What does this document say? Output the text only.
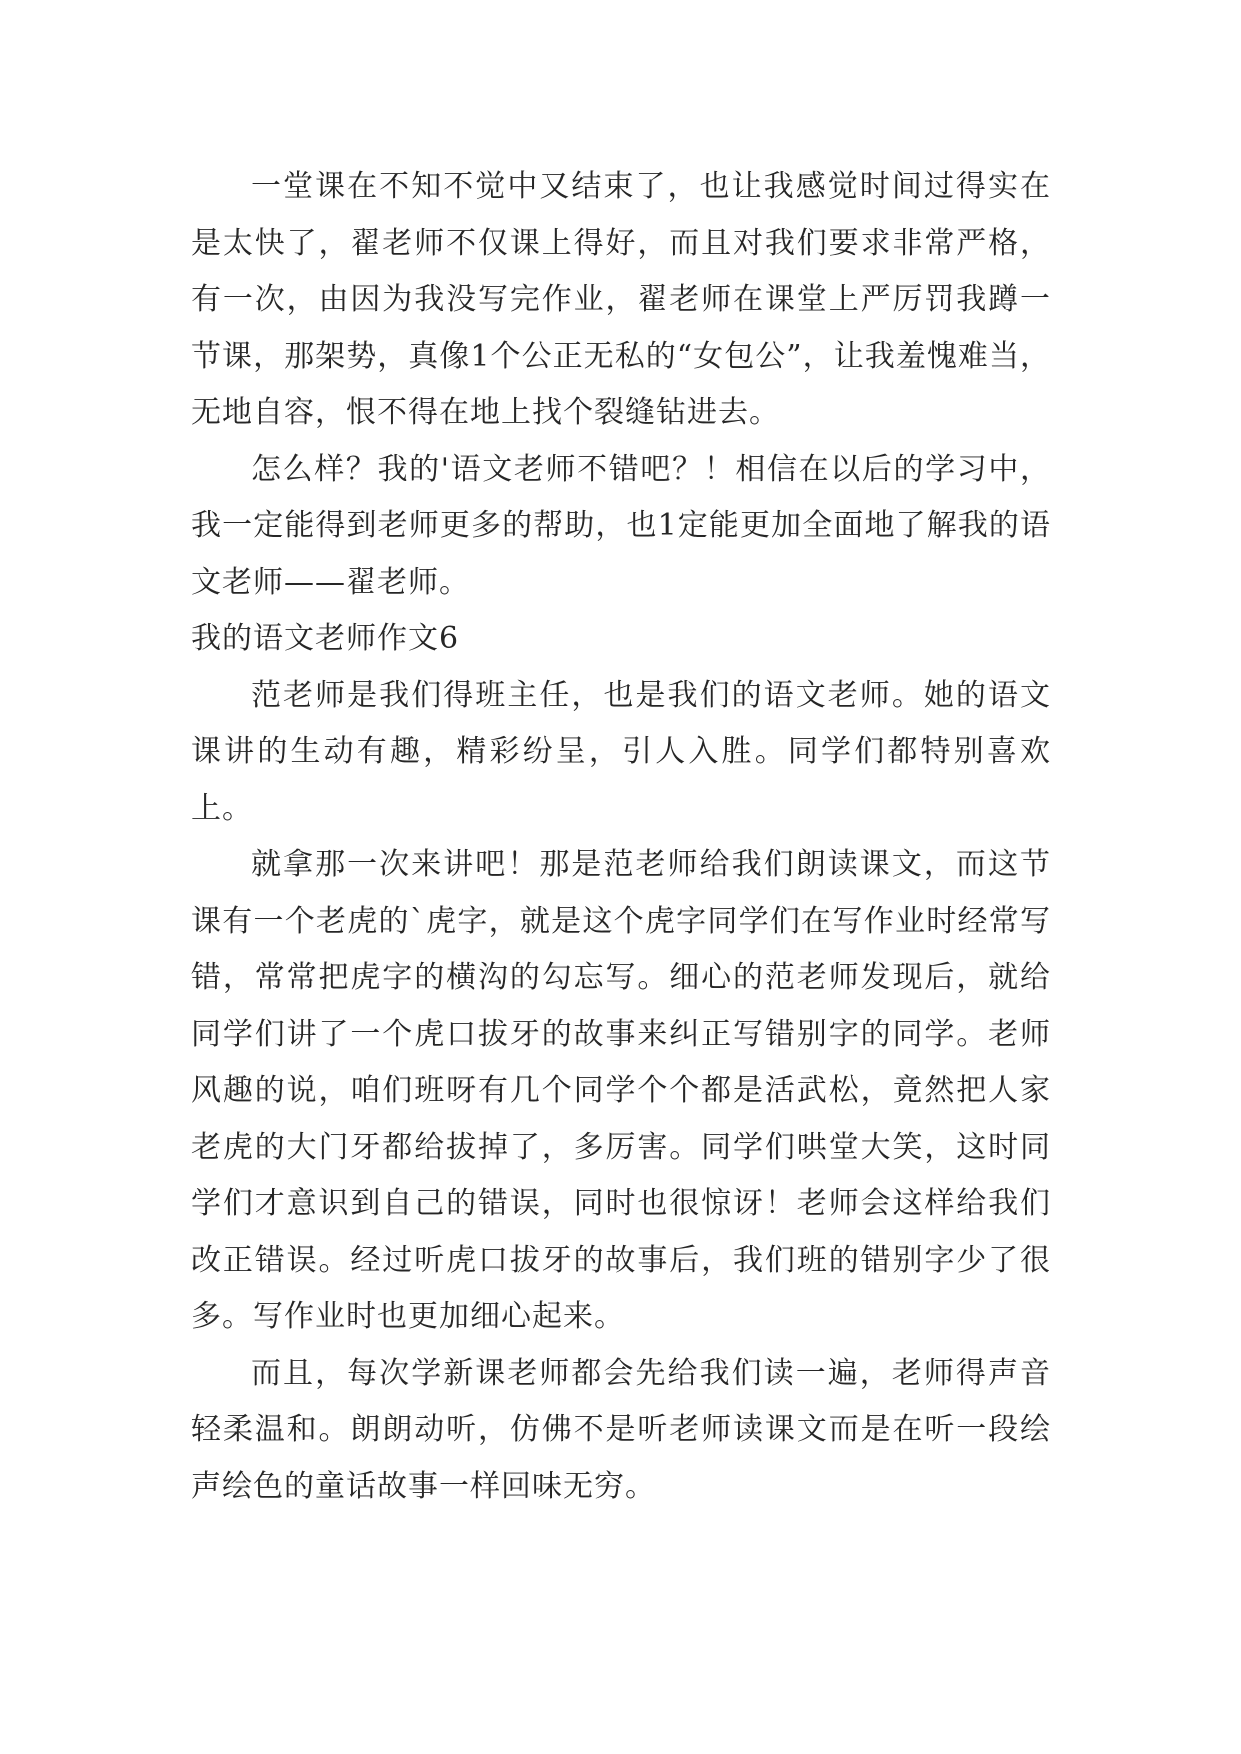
一堂课在不知不觉中又结束了，也让我感觉时间过得实在是太快了，翟老师不仅课上得好，而且对我们要求非常严格，有一次，由因为我没写完作业，翟老师在课堂上严厉罚我蹲一节课，那架势，真像1个公正无私的“女包公”，让我羞愧难当，无地自容，恨不得在地上找个裂缝钻进去。

怎么样？我的'语文老师不错吧？！相信在以后的学习中，我一定能得到老师更多的帮助，也1定能更加全面地了解我的语文老师——翟老师。

我的语文老师作文6

范老师是我们得班主任，也是我们的语文老师。她的语文课讲的生动有趣，精彩纷呈，引人入胜。同学们都特别喜欢上。

就拿那一次来讲吧！那是范老师给我们朗读课文，而这节课有一个老虎的`虎字，就是这个虎字同学们在写作业时经常写错，常常把虎字的横沟的勾忘写。细心的范老师发现后，就给同学们讲了一个虎口拔牙的故事来纠正写错别字的同学。老师风趣的说，咱们班呀有几个同学个个都是活武松，竟然把人家老虎的大门牙都给拔掉了，多厉害。同学们哄堂大笑，这时同学们才意识到自己的错误，同时也很惊讶！老师会这样给我们改正错误。经过听虎口拔牙的故事后，我们班的错别字少了很多。写作业时也更加细心起来。

而且，每次学新课老师都会先给我们读一遍，老师得声音轻柔温和。朗朗动听，仿佛不是听老师读课文而是在听一段绘声绘色的童话故事一样回味无穷。
